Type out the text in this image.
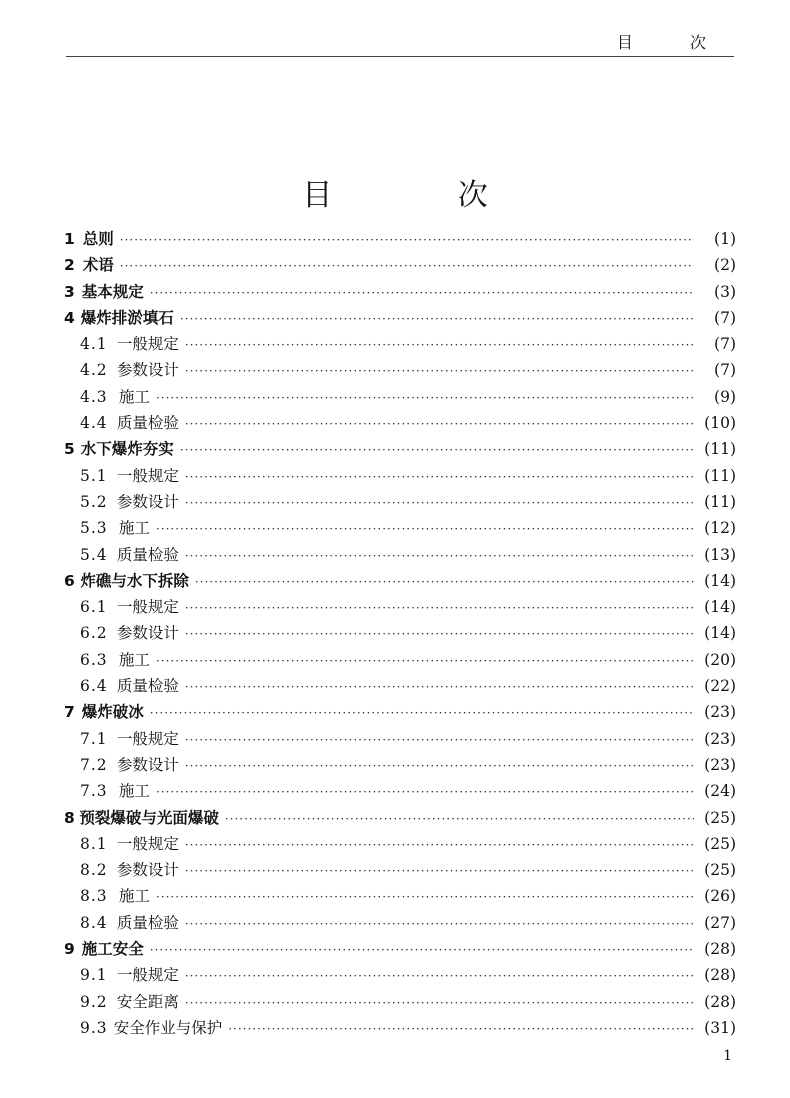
目 次
目 次
1 总则 ·····	(1)
2 术语 ·····	(2)
3 基本规定 ·····	(3)
4 爆炸排淤填石 ·····	(7)
4.1 一般规定 ·····	(7)
4.2 参数设计 ·····	(7)
4.3 施工 ·····	(9)
4.4 质量检验 ·····	(10)
5 水下爆炸夯实 ·····	(11)
5.1 一般规定 ·····	(11)
5.2 参数设计 ·····	(11)
5.3 施工 ·····	(12)
5.4 质量检验 ·····	(13)
6 炸礁与水下拆除 ·····	(14)
6.1 一般规定 ·····	(14)
6.2 参数设计 ·····	(14)
6.3 施工 ·····	(20)
6.4 质量检验 ·····	(22)
7 爆炸破冰 ·····	(23)
7.1 一般规定 ·····	(23)
7.2 参数设计 ·····	(23)
7.3 施工 ·····	(24)
8 预裂爆破与光面爆破 ·····	(25)
8.1 一般规定 ·····	(25)
8.2 参数设计 ·····	(25)
8.3 施工 ·····	(26)
8.4 质量检验 ·····	(27)
9 施工安全 ·····	(28)
9.1 一般规定 ·····	(28)
9.2 安全距离 ·····	(28)
9.3 安全作业与保护 ·····	(31)
1
